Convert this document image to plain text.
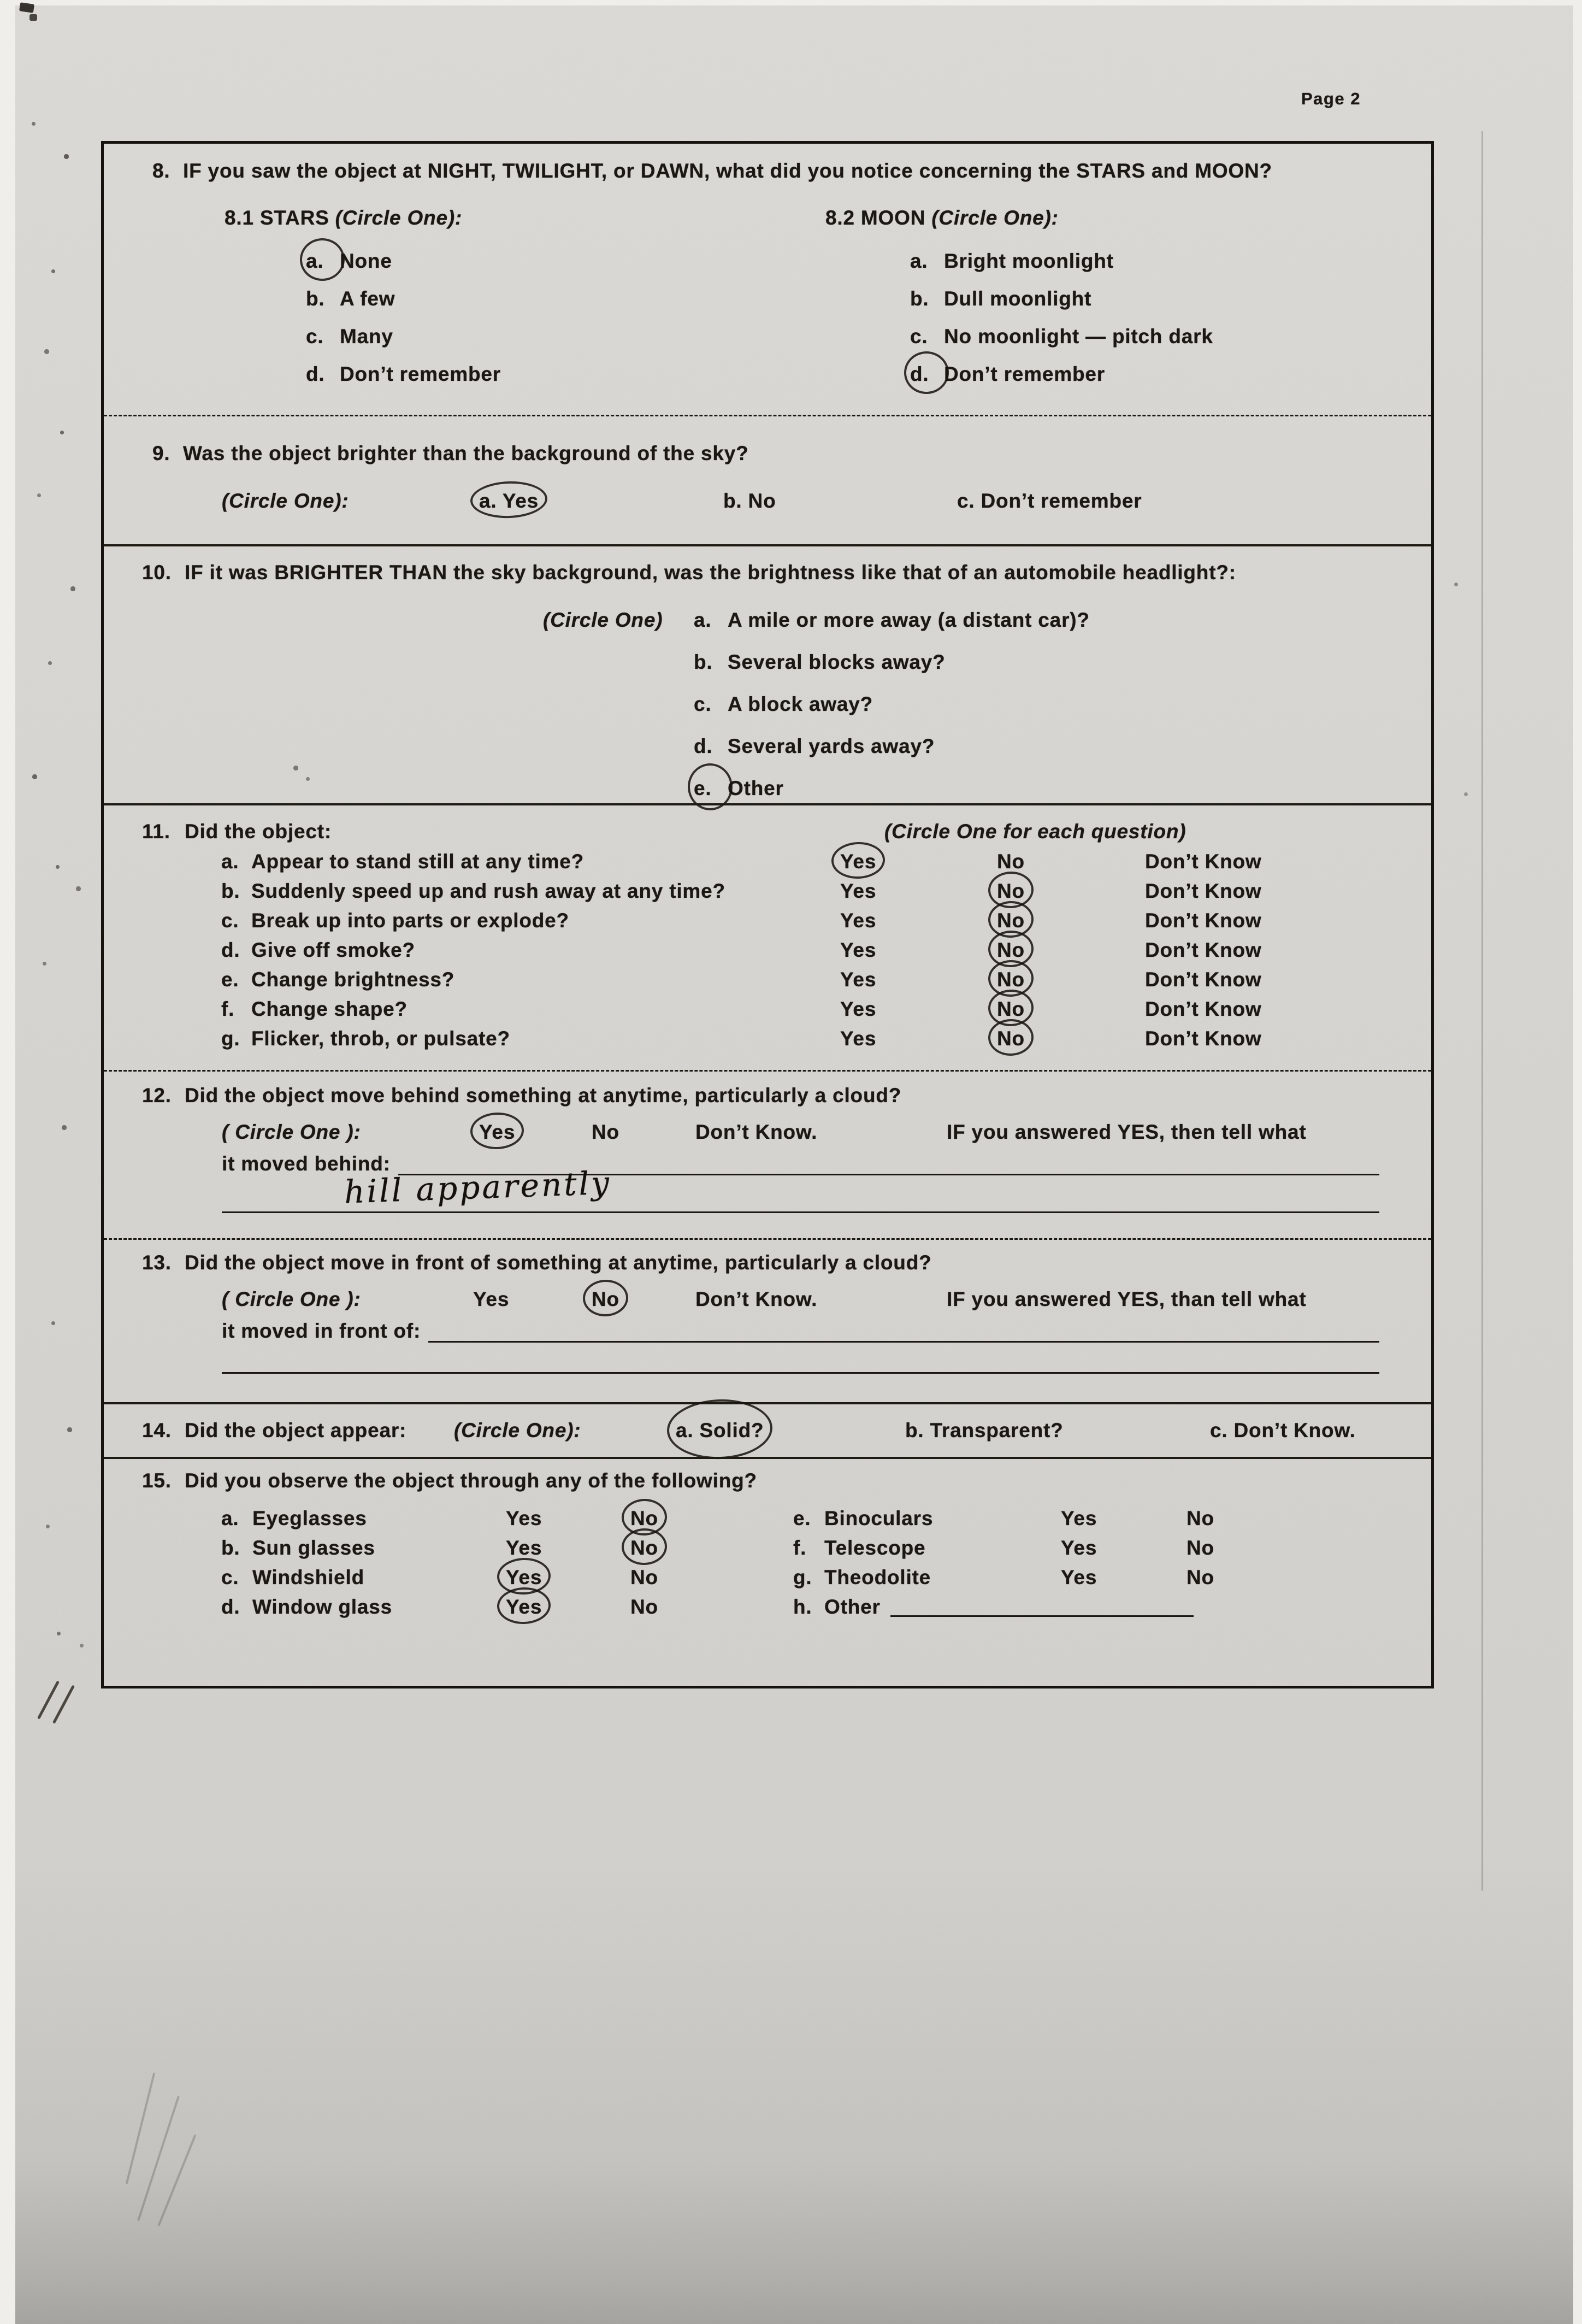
Page 2
8. IF you saw the object at NIGHT, TWILIGHT, or DAWN, what did you notice concerning the STARS and MOON?
8.1 STARS (Circle One):	8.2 MOON (Circle One):
a. None
b. A few
c. Many
d. Don’t remember
a. Bright moonlight
b. Dull moonlight
c. No moonlight — pitch dark
d. Don’t remember
9. Was the object brighter than the background of the sky?
(Circle One):	a. Yes	b. No	c. Don’t remember
10. IF it was BRIGHTER THAN the sky background, was the brightness like that of an automobile headlight?:
(Circle One) a. A mile or more away (a distant car)?
b. Several blocks away?
c. A block away?
d. Several yards away?
e. Other
11. Did the object:	(Circle One for each question)
a. Appear to stand still at any time?	Yes	No	Don’t Know
b. Suddenly speed up and rush away at any time?	Yes	No	Don’t Know
c. Break up into parts or explode?	Yes	No	Don’t Know
d. Give off smoke?	Yes	No	Don’t Know
e. Change brightness?	Yes	No	Don’t Know
f. Change shape?	Yes	No	Don’t Know
g. Flicker, throb, or pulsate?	Yes	No	Don’t Know
12. Did the object move behind something at anytime, particularly a cloud?
( Circle One ):	Yes	No	Don’t Know.	IF you answered YES, then tell what
it moved behind:
hill apparently
13. Did the object move in front of something at anytime, particularly a cloud?
( Circle One ):	Yes	No	Don’t Know.	IF you answered YES, than tell what
it moved in front of:
14. Did the object appear: (Circle One):	a. Solid?	b. Transparent?	c. Don’t Know.
15. Did you observe the object through any of the following?
a. Eyeglasses	Yes	No	e. Binoculars	Yes	No
b. Sun glasses	Yes	No	f. Telescope	Yes	No
c. Windshield	Yes	No	g. Theodolite	Yes	No
d. Window glass	Yes	No	h. Other
